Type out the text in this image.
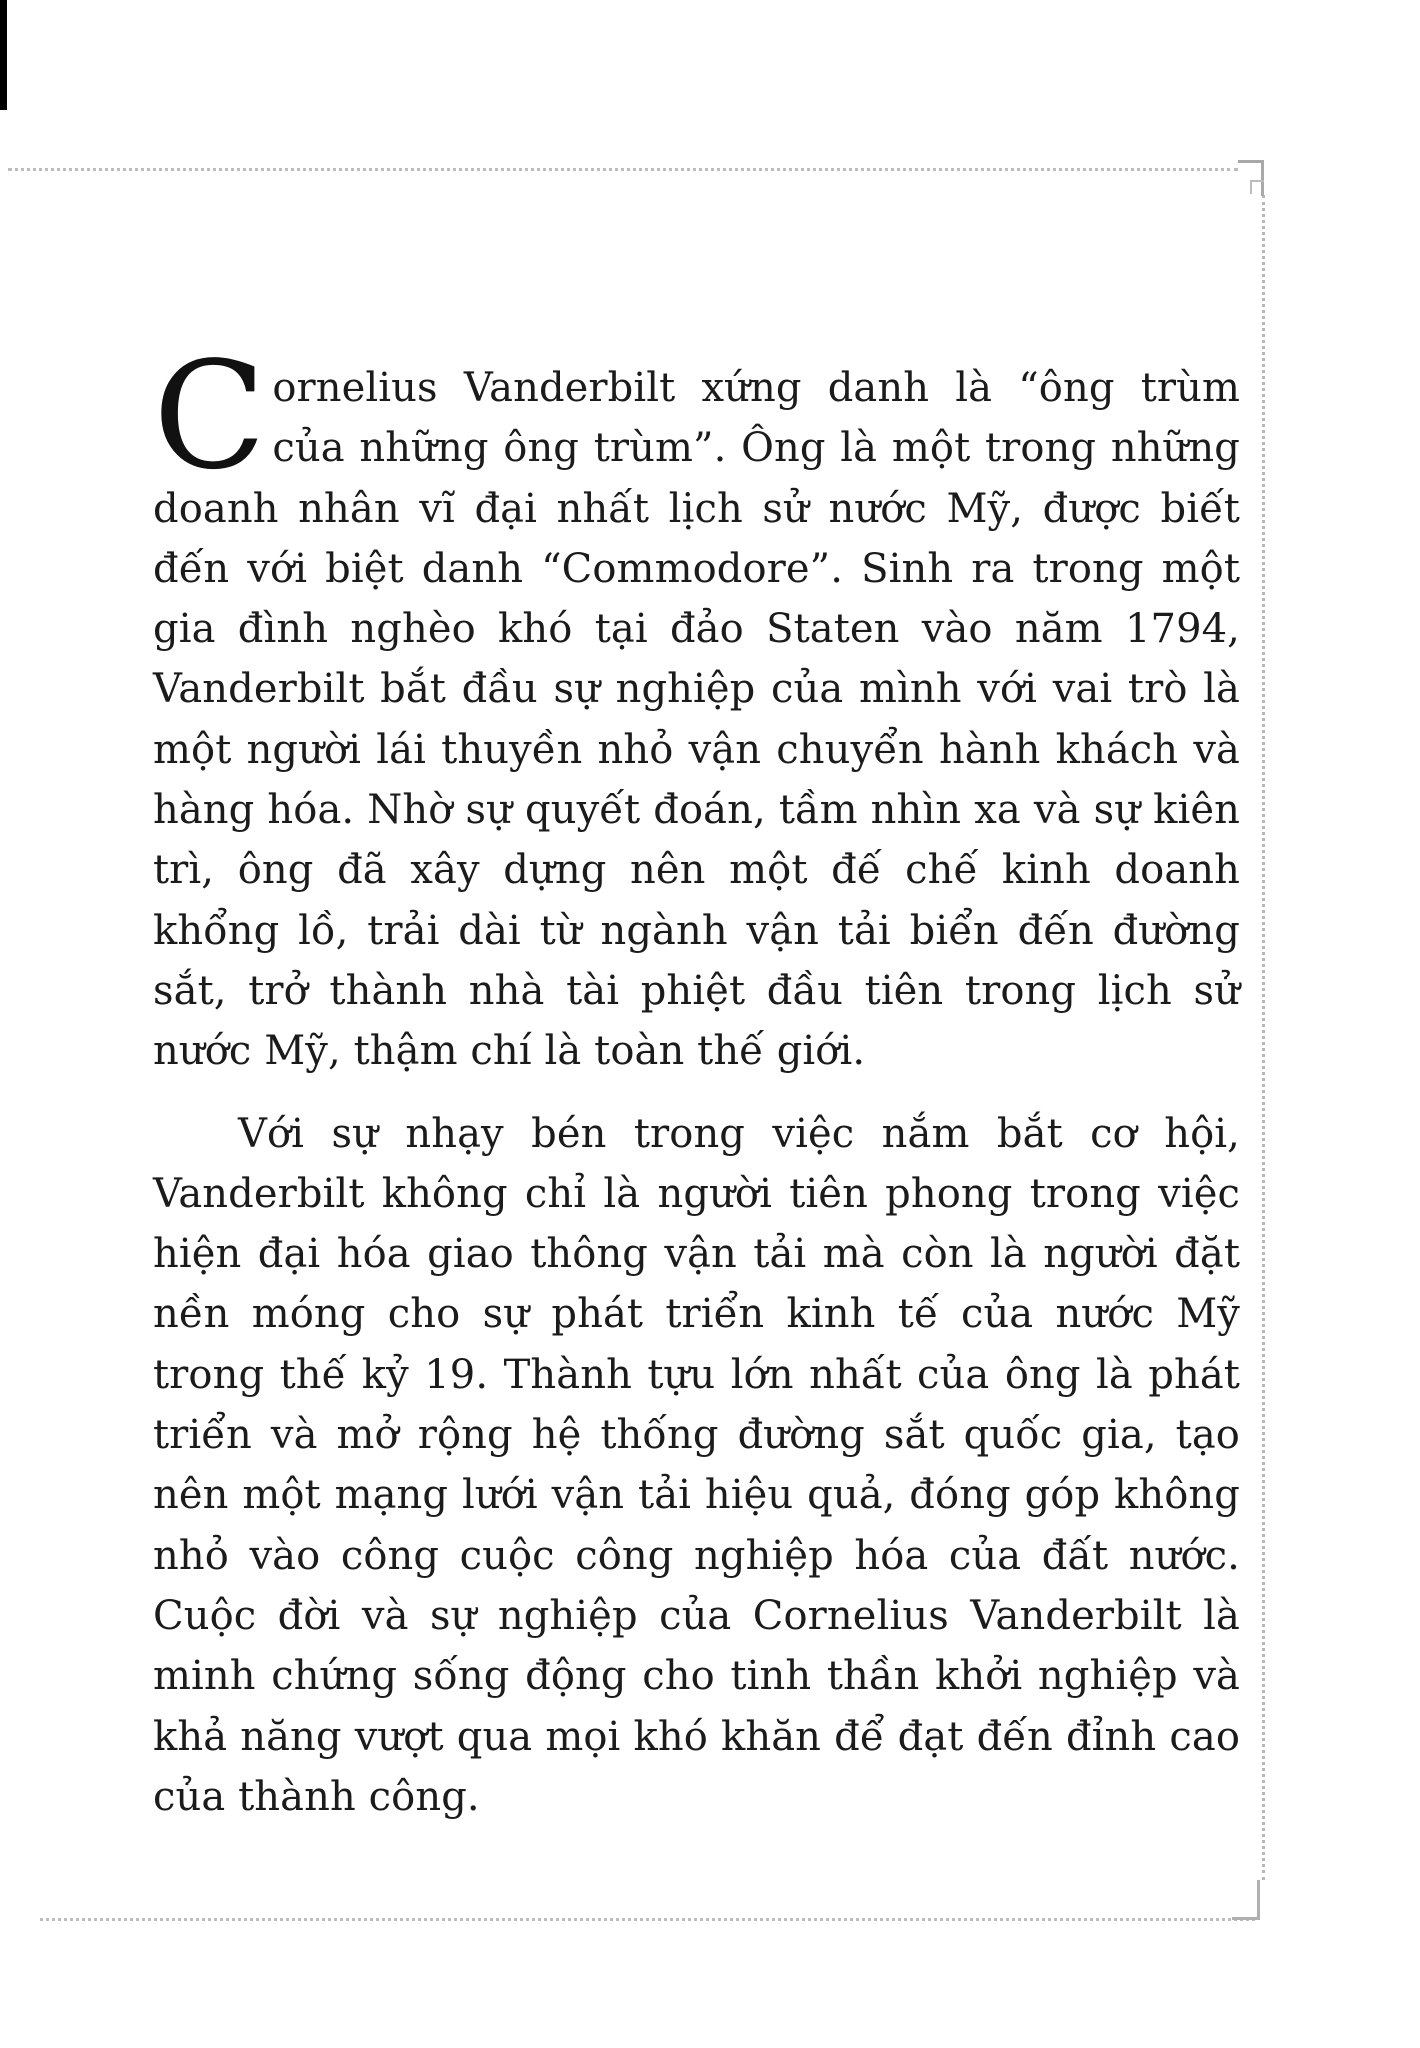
Cornelius Vanderbilt xứng danh là “ông trùm của những ông trùm”. Ông là một trong những doanh nhân vĩ đại nhất lịch sử nước Mỹ, được biết đến với biệt danh “Commodore”. Sinh ra trong một gia đình nghèo khó tại đảo Staten vào năm 1794, Vanderbilt bắt đầu sự nghiệp của mình với vai trò là một người lái thuyền nhỏ vận chuyển hành khách và hàng hóa. Nhờ sự quyết đoán, tầm nhìn xa và sự kiên trì, ông đã xây dựng nên một đế chế kinh doanh khổng lồ, trải dài từ ngành vận tải biển đến đường sắt, trở thành nhà tài phiệt đầu tiên trong lịch sử nước Mỹ, thậm chí là toàn thế giới.

Với sự nhạy bén trong việc nắm bắt cơ hội, Vanderbilt không chỉ là người tiên phong trong việc hiện đại hóa giao thông vận tải mà còn là người đặt nền móng cho sự phát triển kinh tế của nước Mỹ trong thế kỷ 19. Thành tựu lớn nhất của ông là phát triển và mở rộng hệ thống đường sắt quốc gia, tạo nên một mạng lưới vận tải hiệu quả, đóng góp không nhỏ vào công cuộc công nghiệp hóa của đất nước. Cuộc đời và sự nghiệp của Cornelius Vanderbilt là minh chứng sống động cho tinh thần khởi nghiệp và khả năng vượt qua mọi khó khăn để đạt đến đỉnh cao của thành công.
